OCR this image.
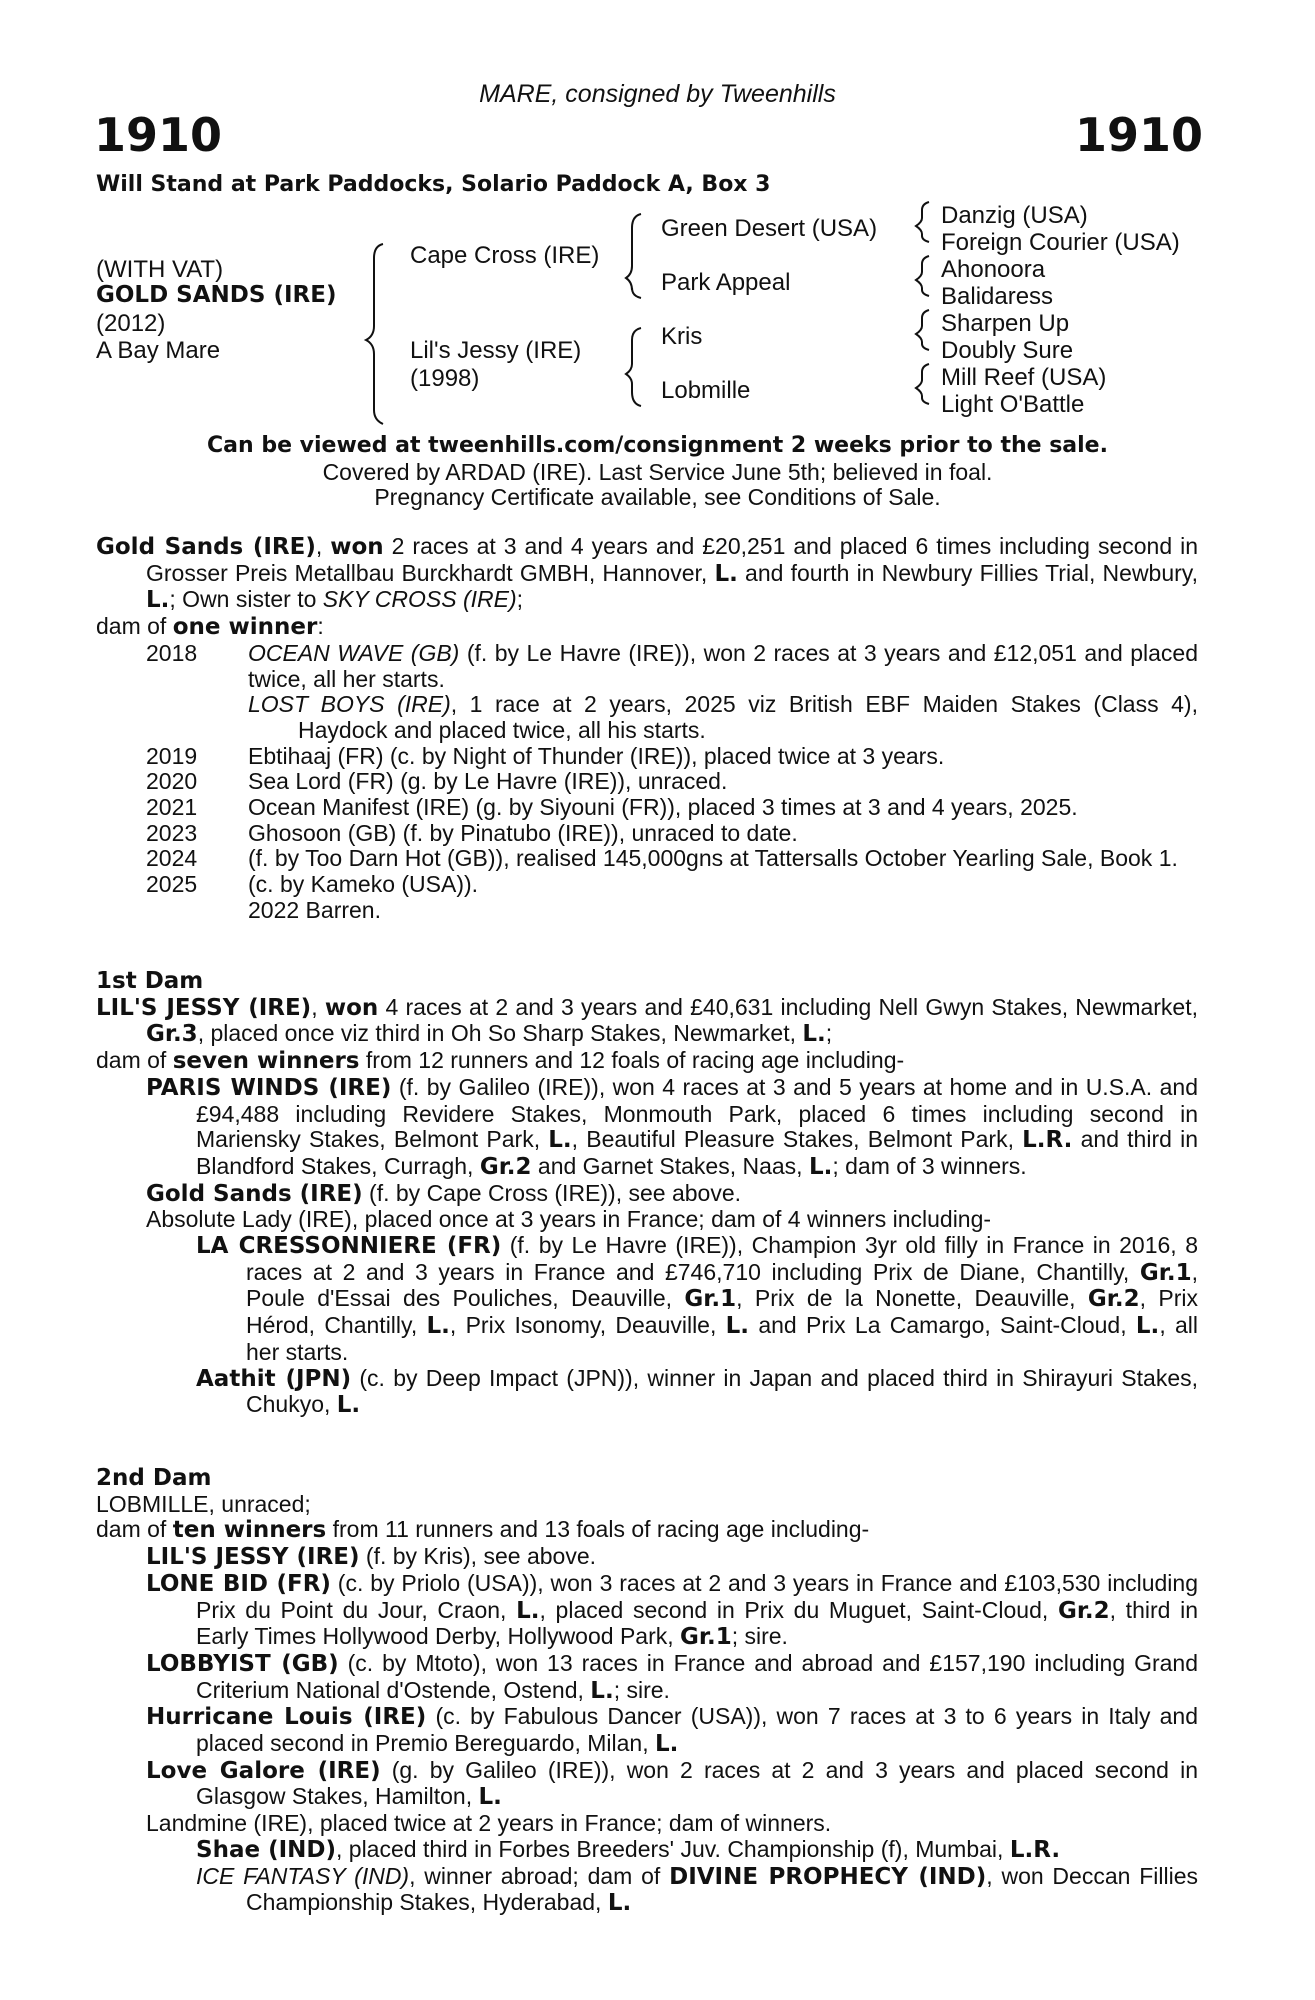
MARE, consigned by Tweenhills
1910	1910
Will Stand at Park Paddocks, Solario Paddock A, Box 3
(WITH VAT)
GOLD SANDS (IRE)
(2012)
A Bay Mare
Cape Cross (IRE)
Lil's Jessy (IRE)
(1998)
Green Desert (USA)
Park Appeal
Kris
Lobmille
Danzig (USA)
Foreign Courier (USA)
Ahonoora
Balidaress
Sharpen Up
Doubly Sure
Mill Reef (USA)
Light O'Battle
Can be viewed at tweenhills.com/consignment 2 weeks prior to the sale.
Covered by ARDAD (IRE). Last Service June 5th; believed in foal.
Pregnancy Certificate available, see Conditions of Sale.

Gold Sands (IRE), won 2 races at 3 and 4 years and £20,251 and placed 6 times including second in Grosser Preis Metallbau Burckhardt GMBH, Hannover, L. and fourth in Newbury Fillies Trial, Newbury, L.; Own sister to SKY CROSS (IRE);

dam of one winner:

2018 OCEAN WAVE (GB) (f. by Le Havre (IRE)), won 2 races at 3 years and £12,051 and placed twice, all her starts.

LOST BOYS (IRE), 1 race at 2 years, 2025 viz British EBF Maiden Stakes (Class 4), Haydock and placed twice, all his starts.

2019 Ebtihaaj (FR) (c. by Night of Thunder (IRE)), placed twice at 3 years.

2020 Sea Lord (FR) (g. by Le Havre (IRE)), unraced.

2021 Ocean Manifest (IRE) (g. by Siyouni (FR)), placed 3 times at 3 and 4 years, 2025.

2023 Ghosoon (GB) (f. by Pinatubo (IRE)), unraced to date.

2024 (f. by Too Darn Hot (GB)), realised 145,000gns at Tattersalls October Yearling Sale, Book 1.

2025 (c. by Kameko (USA)).

2022 Barren.

1st Dam

LIL'S JESSY (IRE), won 4 races at 2 and 3 years and £40,631 including Nell Gwyn Stakes, Newmarket, Gr.3, placed once viz third in Oh So Sharp Stakes, Newmarket, L.;

dam of seven winners from 12 runners and 12 foals of racing age including-

PARIS WINDS (IRE) (f. by Galileo (IRE)), won 4 races at 3 and 5 years at home and in U.S.A. and £94,488 including Revidere Stakes, Monmouth Park, placed 6 times including second in Mariensky Stakes, Belmont Park, L., Beautiful Pleasure Stakes, Belmont Park, L.R. and third in Blandford Stakes, Curragh, Gr.2 and Garnet Stakes, Naas, L.; dam of 3 winners.

Gold Sands (IRE) (f. by Cape Cross (IRE)), see above.

Absolute Lady (IRE), placed once at 3 years in France; dam of 4 winners including-

LA CRESSONNIERE (FR) (f. by Le Havre (IRE)), Champion 3yr old filly in France in 2016, 8 races at 2 and 3 years in France and £746,710 including Prix de Diane, Chantilly, Gr.1, Poule d'Essai des Pouliches, Deauville, Gr.1, Prix de la Nonette, Deauville, Gr.2, Prix Hérod, Chantilly, L., Prix Isonomy, Deauville, L. and Prix La Camargo, Saint-Cloud, L., all her starts.

Aathit (JPN) (c. by Deep Impact (JPN)), winner in Japan and placed third in Shirayuri Stakes, Chukyo, L.

2nd Dam

LOBMILLE, unraced;

dam of ten winners from 11 runners and 13 foals of racing age including-

LIL'S JESSY (IRE) (f. by Kris), see above.

LONE BID (FR) (c. by Priolo (USA)), won 3 races at 2 and 3 years in France and £103,530 including Prix du Point du Jour, Craon, L., placed second in Prix du Muguet, Saint-Cloud, Gr.2, third in Early Times Hollywood Derby, Hollywood Park, Gr.1; sire.

LOBBYIST (GB) (c. by Mtoto), won 13 races in France and abroad and £157,190 including Grand Criterium National d'Ostende, Ostend, L.; sire.

Hurricane Louis (IRE) (c. by Fabulous Dancer (USA)), won 7 races at 3 to 6 years in Italy and placed second in Premio Bereguardo, Milan, L.

Love Galore (IRE) (g. by Galileo (IRE)), won 2 races at 2 and 3 years and placed second in Glasgow Stakes, Hamilton, L.

Landmine (IRE), placed twice at 2 years in France; dam of winners.

Shae (IND), placed third in Forbes Breeders' Juv. Championship (f), Mumbai, L.R.

ICE FANTASY (IND), winner abroad; dam of DIVINE PROPHECY (IND), won Deccan Fillies Championship Stakes, Hyderabad, L.
